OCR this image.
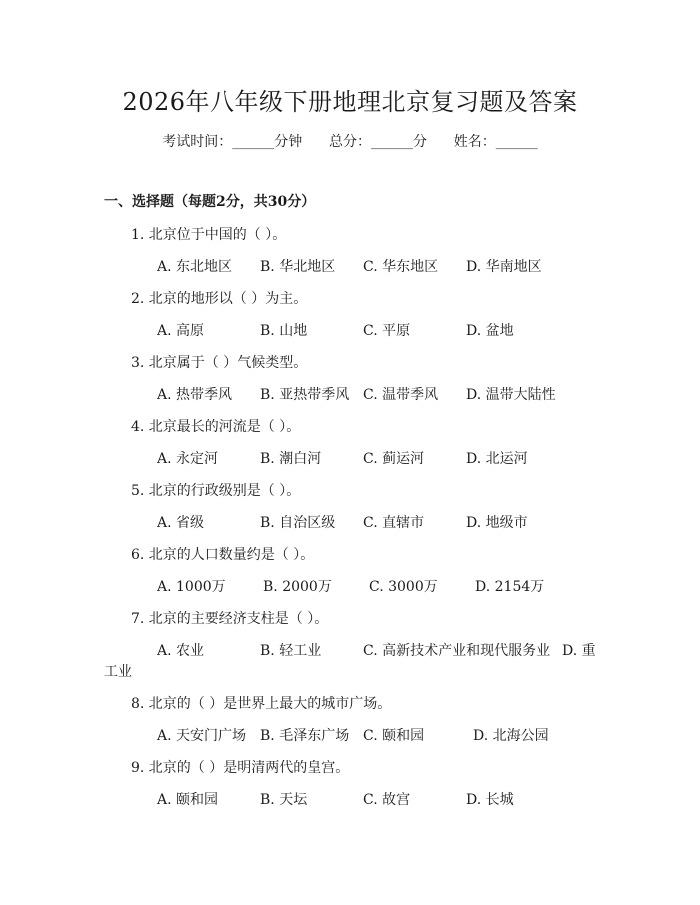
2026年八年级下册地理北京复习题及答案
考试时间：______分钟      总分：______分      姓名：______
一、选择题（每题2分，共30分）
1. 北京位于中国的（ ）。
A. 东北地区 B. 华北地区 C. 华东地区 D. 华南地区
2. 北京的地形以（ ）为主。
A. 高原	B. 山地	C. 平原	D. 盆地
3. 北京属于（ ）气候类型。
A. 热带季风 B. 亚热带季风 C. 温带季风 D. 温带大陆性
4. 北京最长的河流是（ ）。
A. 永定河	B. 潮白河	C. 蓟运河	D. 北运河
5. 北京的行政级别是（ ）。
A. 省级	B. 自治区级 C. 直辖市	D. 地级市
6. 北京的人口数量约是（ ）。
A. 1000万	B. 2000万	C. 3000万	D. 2154万
7. 北京的主要经济支柱是（ ）。
A. 农业	B. 轻工业	C. 高新技术产业和现代服务业 D. 重
工业
8. 北京的（ ）是世界上最大的城市广场。
A. 天安门广场 B. 毛泽东广场 C. 颐和园	D. 北海公园
9. 北京的（ ）是明清两代的皇宫。
A. 颐和园	B. 天坛	C. 故宫	D. 长城
